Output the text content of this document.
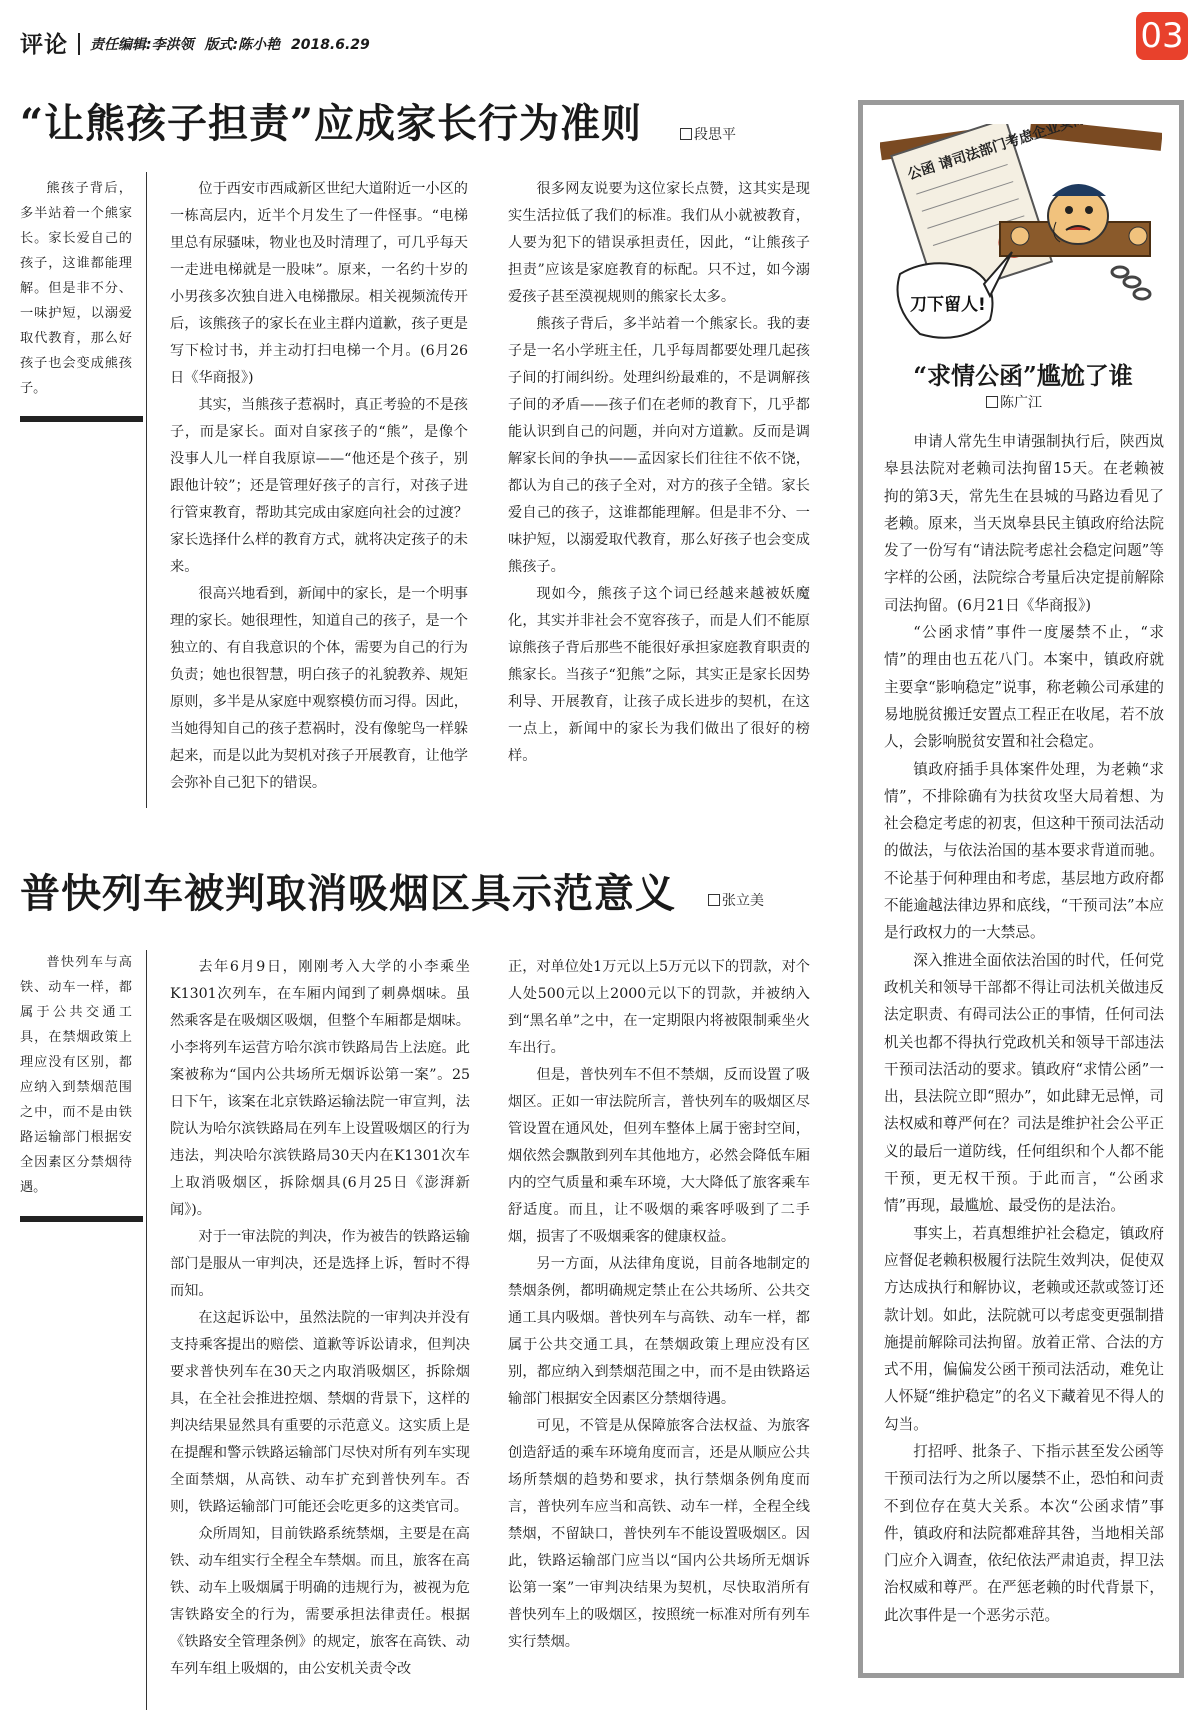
评论 责任编辑:李洪领 版式:陈小艳 2018.6.29	03
“让熊孩子担责”应成家长行为准则	段思平

熊孩子背后，多半站着一个熊家长。家长爱自己的孩子，这谁都能理解。但是非不分、一味护短，以溺爱取代教育，那么好孩子也会变成熊孩子。

位于西安市西咸新区世纪大道附近一小区的一栋高层内，近半个月发生了一件怪事。“电梯里总有尿骚味，物业也及时清理了，可几乎每天一走进电梯就是一股味”。原来，一名约十岁的小男孩多次独自进入电梯撒尿。相关视频流传开后，该熊孩子的家长在业主群内道歉，孩子更是写下检讨书，并主动打扫电梯一个月。(6月26日《华商报》)

其实，当熊孩子惹祸时，真正考验的不是孩子，而是家长。面对自家孩子的“熊”，是像个没事人儿一样自我原谅——“他还是个孩子，别跟他计较”；还是管理好孩子的言行，对孩子进行管束教育，帮助其完成由家庭向社会的过渡？家长选择什么样的教育方式，就将决定孩子的未来。

很高兴地看到，新闻中的家长，是一个明事理的家长。她很理性，知道自己的孩子，是一个独立的、有自我意识的个体，需要为自己的行为负责；她也很智慧，明白孩子的礼貌教养、规矩原则，多半是从家庭中观察模仿而习得。因此，当她得知自己的孩子惹祸时，没有像鸵鸟一样躲起来，而是以此为契机对孩子开展教育，让他学会弥补自己犯下的错误。

很多网友说要为这位家长点赞，这其实是现实生活拉低了我们的标准。我们从小就被教育，人要为犯下的错误承担责任，因此，“让熊孩子担责”应该是家庭教育的标配。只不过，如今溺爱孩子甚至漠视规则的熊家长太多。

熊孩子背后，多半站着一个熊家长。我的妻子是一名小学班主任，几乎每周都要处理几起孩子间的打闹纠纷。处理纠纷最难的，不是调解孩子间的矛盾——孩子们在老师的教育下，几乎都能认识到自己的问题，并向对方道歉。反而是调解家长间的争执——孟因家长们往往不依不饶，都认为自己的孩子全对，对方的孩子全错。家长爱自己的孩子，这谁都能理解。但是非不分、一味护短，以溺爱取代教育，那么好孩子也会变成熊孩子。

现如今，熊孩子这个词已经越来越被妖魔化，其实并非社会不宽容孩子，而是人们不能原谅熊孩子背后那些不能很好承担家庭教育职责的熊家长。当孩子“犯熊”之际，其实正是家长因势利导、开展教育，让孩子成长进步的契机，在这一点上，新闻中的家长为我们做出了很好的榜样。

普快列车被判取消吸烟区具示范意义	张立美

普快列车与高铁、动车一样，都属于公共交通工具，在禁烟政策上理应没有区别，都应纳入到禁烟范围之中，而不是由铁路运输部门根据安全因素区分禁烟待遇。

去年6月9日，刚刚考入大学的小李乘坐K1301次列车，在车厢内闻到了刺鼻烟味。虽然乘客是在吸烟区吸烟，但整个车厢都是烟味。小李将列车运营方哈尔滨市铁路局告上法庭。此案被称为“国内公共场所无烟诉讼第一案”。25日下午，该案在北京铁路运输法院一审宣判，法院认为哈尔滨铁路局在列车上设置吸烟区的行为违法，判决哈尔滨铁路局30天内在K1301次车上取消吸烟区，拆除烟具(6月25日《澎湃新闻》)。

对于一审法院的判决，作为被告的铁路运输部门是服从一审判决，还是选择上诉，暂时不得而知。

在这起诉讼中，虽然法院的一审判决并没有支持乘客提出的赔偿、道歉等诉讼请求，但判决要求普快列车在30天之内取消吸烟区，拆除烟具，在全社会推进控烟、禁烟的背景下，这样的判决结果显然具有重要的示范意义。这实质上是在提醒和警示铁路运输部门尽快对所有列车实现全面禁烟，从高铁、动车扩充到普快列车。否则，铁路运输部门可能还会吃更多的这类官司。

众所周知，目前铁路系统禁烟，主要是在高铁、动车组实行全程全车禁烟。而且，旅客在高铁、动车上吸烟属于明确的违规行为，被视为危害铁路安全的行为，需要承担法律责任。根据《铁路安全管理条例》的规定，旅客在高铁、动车列车组上吸烟的，由公安机关责令改

正，对单位处1万元以上5万元以下的罚款，对个人处500元以上2000元以下的罚款，并被纳入到“黑名单”之中，在一定期限内将被限制乘坐火车出行。

但是，普快列车不但不禁烟，反而设置了吸烟区。正如一审法院所言，普快列车的吸烟区尽管设置在通风处，但列车整体上属于密封空间，烟依然会飘散到列车其他地方，必然会降低车厢内的空气质量和乘车环境，大大降低了旅客乘车舒适度。而且，让不吸烟的乘客呼吸到了二手烟，损害了不吸烟乘客的健康权益。

另一方面，从法律角度说，目前各地制定的禁烟条例，都明确规定禁止在公共场所、公共交通工具内吸烟。普快列车与高铁、动车一样，都属于公共交通工具，在禁烟政策上理应没有区别，都应纳入到禁烟范围之中，而不是由铁路运输部门根据安全因素区分禁烟待遇。

可见，不管是从保障旅客合法权益、为旅客创造舒适的乘车环境角度而言，还是从顺应公共场所禁烟的趋势和要求，执行禁烟条例角度而言，普快列车应当和高铁、动车一样，全程全线禁烟，不留缺口，普快列车不能设置吸烟区。因此，铁路运输部门应当以“国内公共场所无烟诉讼第一案”一审判决结果为契机，尽快取消所有普快列车上的吸烟区，按照统一标准对所有列车实行禁烟。

公函 请司法部门考虑企业实际情况
刀下留人!
“求情公函”尴尬了谁
陈广江

申请人常先生申请强制执行后，陕西岚皋县法院对老赖司法拘留15天。在老赖被拘的第3天，常先生在县城的马路边看见了老赖。原来，当天岚皋县民主镇政府给法院发了一份写有“请法院考虑社会稳定问题”等字样的公函，法院综合考量后决定提前解除司法拘留。(6月21日《华商报》)

“公函求情”事件一度屡禁不止，“求情”的理由也五花八门。本案中，镇政府就主要拿“影响稳定”说事，称老赖公司承建的易地脱贫搬迁安置点工程正在收尾，若不放人，会影响脱贫安置和社会稳定。

镇政府插手具体案件处理，为老赖“求情”，不排除确有为扶贫攻坚大局着想、为社会稳定考虑的初衷，但这种干预司法活动的做法，与依法治国的基本要求背道而驰。不论基于何种理由和考虑，基层地方政府都不能逾越法律边界和底线，“干预司法”本应是行政权力的一大禁忌。

深入推进全面依法治国的时代，任何党政机关和领导干部都不得让司法机关做违反法定职责、有碍司法公正的事情，任何司法机关也都不得执行党政机关和领导干部违法干预司法活动的要求。镇政府“求情公函”一出，县法院立即“照办”，如此肆无忌惮，司法权威和尊严何在？司法是维护社会公平正义的最后一道防线，任何组织和个人都不能干预，更无权干预。于此而言，“公函求情”再现，最尴尬、最受伤的是法治。

事实上，若真想维护社会稳定，镇政府应督促老赖积极履行法院生效判决，促使双方达成执行和解协议，老赖或还款或签订还款计划。如此，法院就可以考虑变更强制措施提前解除司法拘留。放着正常、合法的方式不用，偏偏发公函干预司法活动，难免让人怀疑“维护稳定”的名义下藏着见不得人的勾当。

打招呼、批条子、下指示甚至发公函等干预司法行为之所以屡禁不止，恐怕和问责不到位存在莫大关系。本次“公函求情”事件，镇政府和法院都难辞其咎，当地相关部门应介入调查，依纪依法严肃追责，捍卫法治权威和尊严。在严惩老赖的时代背景下，此次事件是一个恶劣示范。
